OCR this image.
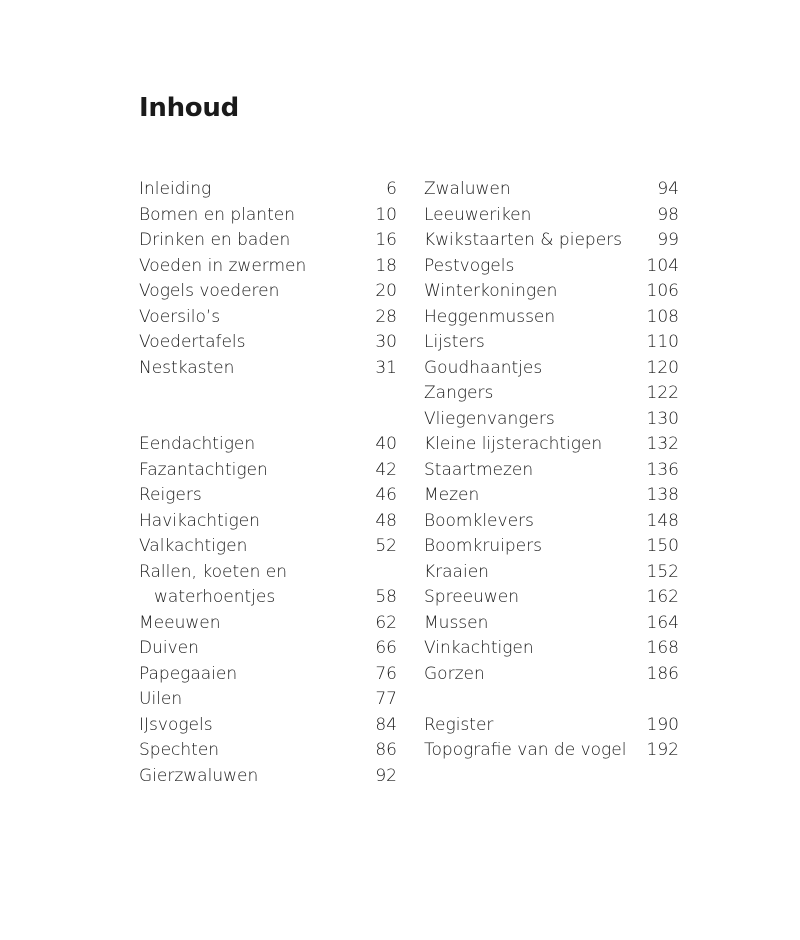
Inhoud
Inleiding	6
Bomen en planten	10
Drinken en baden	16
Voeden in zwermen	18
Vogels voederen	20
Voersilo’s	28
Voedertafels	30
Nestkasten	31
Eendachtigen	40
Fazantachtigen	42
Reigers	46
Havikachtigen	48
Valkachtigen	52
Rallen, koeten en
waterhoentjes	58
Meeuwen	62
Duiven	66
Papegaaien	76
Uilen	77
IJsvogels	84
Spechten	86
Gierzwaluwen	92
Zwaluwen	94
Leeuweriken	98
Kwikstaarten & piepers 99
Pestvogels	104
Winterkoningen	106
Heggenmussen	108
Lijsters	110
Goudhaantjes	120
Zangers	122
Vliegenvangers	130
Kleine lijsterachtigen	132
Staartmezen	136
Mezen	138
Boomklevers	148
Boomkruipers	150
Kraaien	152
Spreeuwen	162
Mussen	164
Vinkachtigen	168
Gorzen	186
Register	190
Topografie van de vogel 192
